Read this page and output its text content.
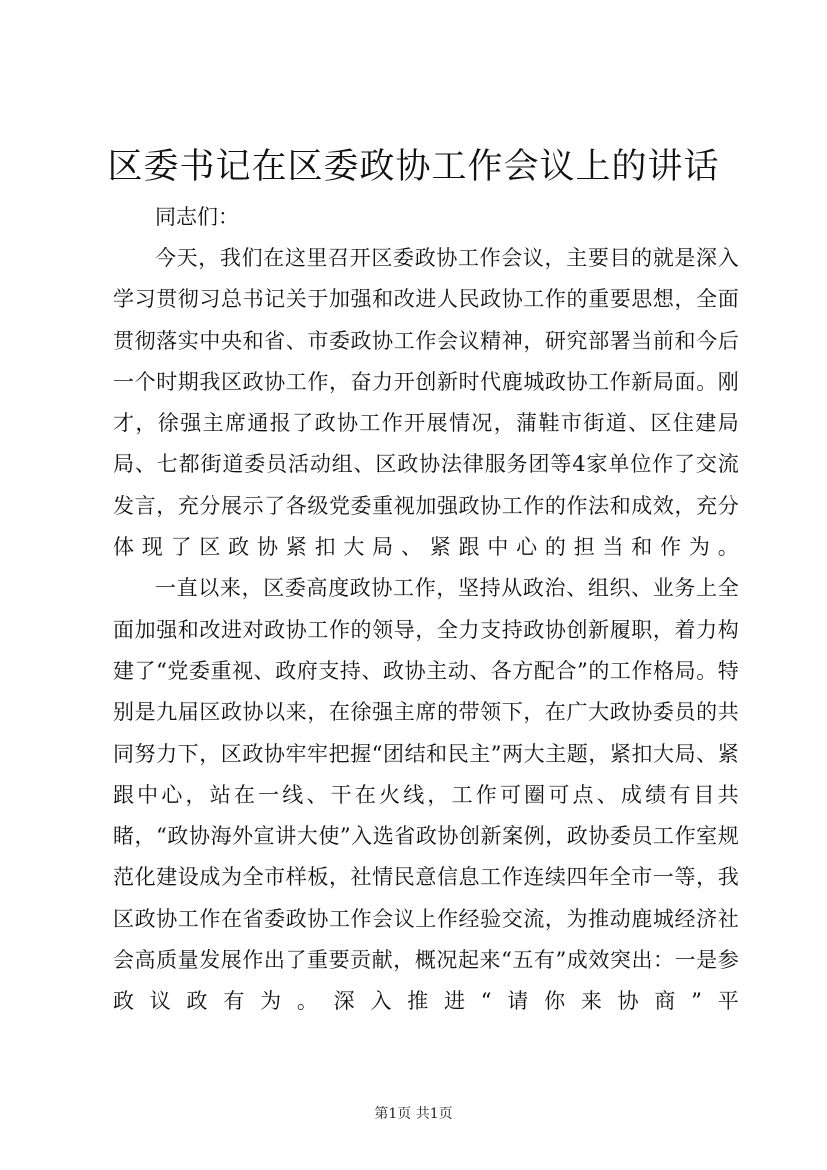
区委书记在区委政协工作会议上的讲话

同志们：

今天，我们在这里召开区委政协工作会议，主要目的就是深入学习贯彻习总书记关于加强和改进人民政协工作的重要思想，全面贯彻落实中央和省、市委政协工作会议精神，研究部署当前和今后一个时期我区政协工作，奋力开创新时代鹿城政协工作新局面。刚才，徐强主席通报了政协工作开展情况，蒲鞋市街道、区住建局局、七都街道委员活动组、区政协法律服务团等4家单位作了交流发言，充分展示了各级党委重视加强政协工作的作法和成效，充分体现了区政协紧扣大局、紧跟中心的担当和作为。

一直以来，区委高度政协工作，坚持从政治、组织、业务上全面加强和改进对政协工作的领导，全力支持政协创新履职，着力构建了“党委重视、政府支持、政协主动、各方配合”的工作格局。特别是九届区政协以来，在徐强主席的带领下，在广大政协委员的共同努力下，区政协牢牢把握“团结和民主”两大主题，紧扣大局、紧跟中心，站在一线、干在火线，工作可圈可点、成绩有目共睹，“政协海外宣讲大使”入选省政协创新案例，政协委员工作室规范化建设成为全市样板，社情民意信息工作连续四年全市一等，我区政协工作在省委政协工作会议上作经验交流，为推动鹿城经济社会高质量发展作出了重要贡献，概况起来“五有”成效突出：一是参政议政有为。深入推进“请你来协商”平

第1页 共1页
